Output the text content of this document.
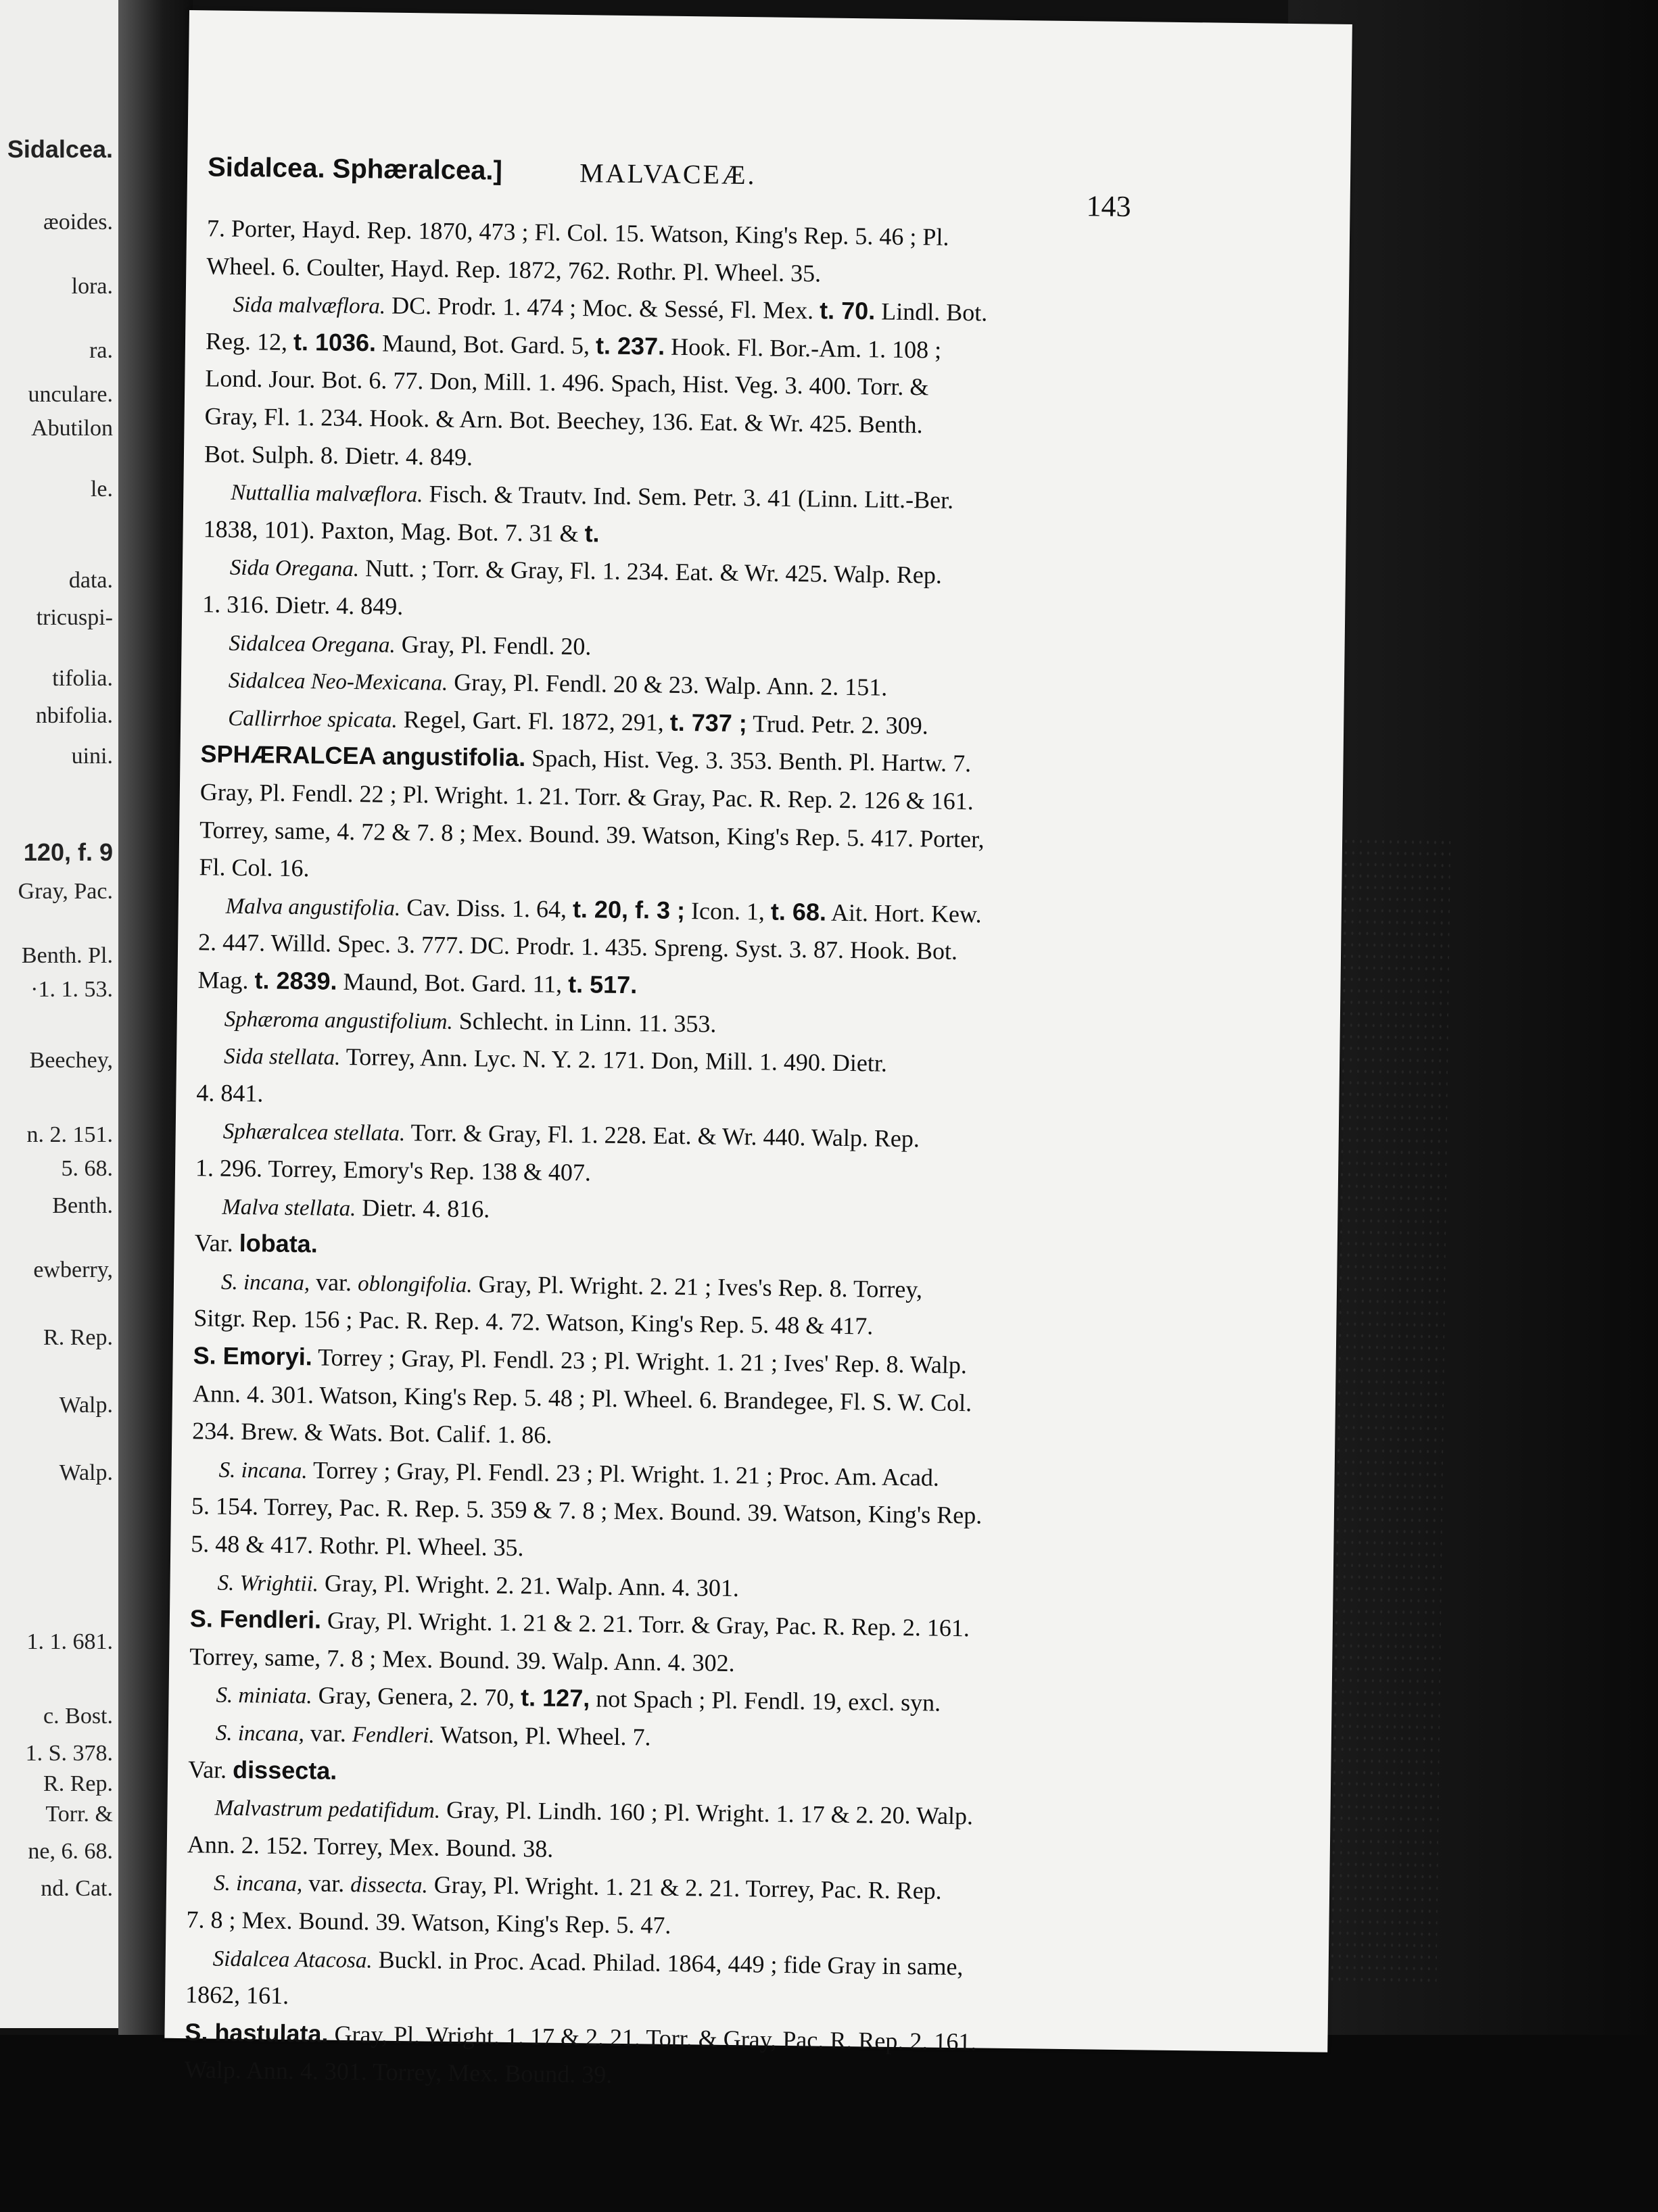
Sidalcea.
æoides.
lora.
ra.
unculare.
Abutilon
le.
data.
tricuspi-
tifolia.
nbifolia.
uini.
120, f. 9
Gray, Pac.
Benth. Pl.
·1. 1. 53.
Beechey,
n. 2. 151.
5. 68.
Benth.
ewberry,
R. Rep.
Walp.
Walp.
1. 1. 681.
c. Bost.
1. S. 378.
R. Rep.
Torr. &
ne, 6. 68.
nd. Cat.
Sidalcea. Sphæralcea.]	MALVACEÆ.
143
7. Porter, Hayd. Rep. 1870, 473 ; Fl. Col. 15. Watson, King's Rep. 5. 46 ; Pl.
Wheel. 6. Coulter, Hayd. Rep. 1872, 762. Rothr. Pl. Wheel. 35.
Sida malvæflora. DC. Prodr. 1. 474 ; Moc. & Sessé, Fl. Mex. t. 70. Lindl. Bot.
Reg. 12, t. 1036. Maund, Bot. Gard. 5, t. 237. Hook. Fl. Bor.-Am. 1. 108 ;
Lond. Jour. Bot. 6. 77. Don, Mill. 1. 496. Spach, Hist. Veg. 3. 400. Torr. &
Gray, Fl. 1. 234. Hook. & Arn. Bot. Beechey, 136. Eat. & Wr. 425. Benth.
Bot. Sulph. 8. Dietr. 4. 849.
Nuttallia malvæflora. Fisch. & Trautv. Ind. Sem. Petr. 3. 41 (Linn. Litt.-Ber.
1838, 101). Paxton, Mag. Bot. 7. 31 & t.
Sida Oregana. Nutt. ; Torr. & Gray, Fl. 1. 234. Eat. & Wr. 425. Walp. Rep.
1. 316. Dietr. 4. 849.
Sidalcea Oregana. Gray, Pl. Fendl. 20.
Sidalcea Neo-Mexicana. Gray, Pl. Fendl. 20 & 23. Walp. Ann. 2. 151.
Callirrhoe spicata. Regel, Gart. Fl. 1872, 291, t. 737 ; Trud. Petr. 2. 309.
SPHÆRALCEA angustifolia. Spach, Hist. Veg. 3. 353. Benth. Pl. Hartw. 7.
Gray, Pl. Fendl. 22 ; Pl. Wright. 1. 21. Torr. & Gray, Pac. R. Rep. 2. 126 & 161.
Torrey, same, 4. 72 & 7. 8 ; Mex. Bound. 39. Watson, King's Rep. 5. 417. Porter,
Fl. Col. 16.
Malva angustifolia. Cav. Diss. 1. 64, t. 20, f. 3 ; Icon. 1, t. 68. Ait. Hort. Kew.
2. 447. Willd. Spec. 3. 777. DC. Prodr. 1. 435. Spreng. Syst. 3. 87. Hook. Bot.
Mag. t. 2839. Maund, Bot. Gard. 11, t. 517.
Sphæroma angustifolium. Schlecht. in Linn. 11. 353.
Sida stellata. Torrey, Ann. Lyc. N. Y. 2. 171. Don, Mill. 1. 490. Dietr.
4. 841.
Sphæralcea stellata. Torr. & Gray, Fl. 1. 228. Eat. & Wr. 440. Walp. Rep.
1. 296. Torrey, Emory's Rep. 138 & 407.
Malva stellata. Dietr. 4. 816.
Var. lobata.
S. incana, var. oblongifolia. Gray, Pl. Wright. 2. 21 ; Ives's Rep. 8. Torrey,
Sitgr. Rep. 156 ; Pac. R. Rep. 4. 72. Watson, King's Rep. 5. 48 & 417.
S. Emoryi. Torrey ; Gray, Pl. Fendl. 23 ; Pl. Wright. 1. 21 ; Ives' Rep. 8. Walp.
Ann. 4. 301. Watson, King's Rep. 5. 48 ; Pl. Wheel. 6. Brandegee, Fl. S. W. Col.
234. Brew. & Wats. Bot. Calif. 1. 86.
S. incana. Torrey ; Gray, Pl. Fendl. 23 ; Pl. Wright. 1. 21 ; Proc. Am. Acad.
5. 154. Torrey, Pac. R. Rep. 5. 359 & 7. 8 ; Mex. Bound. 39. Watson, King's Rep.
5. 48 & 417. Rothr. Pl. Wheel. 35.
S. Wrightii. Gray, Pl. Wright. 2. 21. Walp. Ann. 4. 301.
S. Fendleri. Gray, Pl. Wright. 1. 21 & 2. 21. Torr. & Gray, Pac. R. Rep. 2. 161.
Torrey, same, 7. 8 ; Mex. Bound. 39. Walp. Ann. 4. 302.
S. miniata. Gray, Genera, 2. 70, t. 127, not Spach ; Pl. Fendl. 19, excl. syn.
S. incana, var. Fendleri. Watson, Pl. Wheel. 7.
Var. dissecta.
Malvastrum pedatifidum. Gray, Pl. Lindh. 160 ; Pl. Wright. 1. 17 & 2. 20. Walp.
Ann. 2. 152. Torrey, Mex. Bound. 38.
S. incana, var. dissecta. Gray, Pl. Wright. 1. 21 & 2. 21. Torrey, Pac. R. Rep.
7. 8 ; Mex. Bound. 39. Watson, King's Rep. 5. 47.
Sidalcea Atacosa. Buckl. in Proc. Acad. Philad. 1864, 449 ; fide Gray in same,
1862, 161.
S. hastulata. Gray, Pl. Wright. 1. 17 & 2. 21. Torr. & Gray, Pac. R. Rep. 2. 161.
Walp. Ann. 4. 301. Torrey, Mex. Bound. 39.
